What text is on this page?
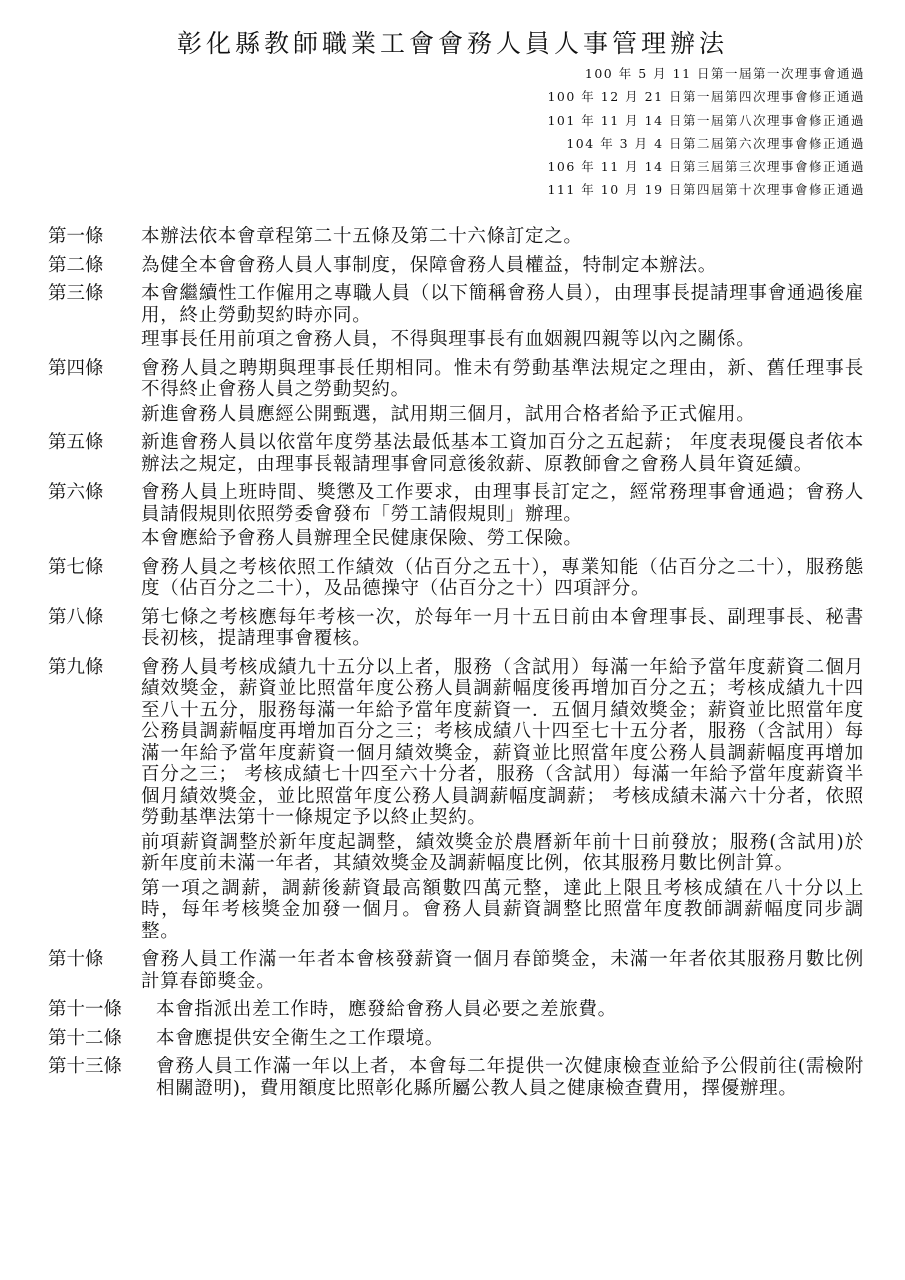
彰化縣教師職業工會會務人員人事管理辦法
100 年 5 月 11 日第一屆第一次理事會通過
100 年 12 月 21 日第一屆第四次理事會修正通過
101 年 11 月 14 日第一屆第八次理事會修正通過
104 年 3 月 4 日第二屆第六次理事會修正通過
106 年 11 月 14 日第三屆第三次理事會修正通過
111 年 10 月 19 日第四屆第十次理事會修正通過
第一條	本辦法依本會章程第二十五條及第二十六條訂定之。
第二條	為健全本會會務人員人事制度，保障會務人員權益，特制定本辦法。
第三條	本會繼續性工作僱用之專職人員（以下簡稱會務人員），由理事長提請理事會通過後雇用，終止勞動契約時亦同。
理事長任用前項之會務人員，不得與理事長有血姻親四親等以內之關係。
第四條	會務人員之聘期與理事長任期相同。惟未有勞動基準法規定之理由，新、舊任理事長不得終止會務人員之勞動契約。
新進會務人員應經公開甄選，試用期三個月，試用合格者給予正式僱用。
第五條	新進會務人員以依當年度勞基法最低基本工資加百分之五起薪； 年度表現優良者依本辦法之規定，由理事長報請理事會同意後敘薪、原教師會之會務人員年資延續。
第六條	會務人員上班時間、獎懲及工作要求，由理事長訂定之，經常務理事會通過；會務人員請假規則依照勞委會發布「勞工請假規則」辦理。
本會應給予會務人員辦理全民健康保險、勞工保險。
第七條	會務人員之考核依照工作績效（佔百分之五十），專業知能（佔百分之二十），服務態度（佔百分之二十），及品德操守（佔百分之十）四項評分。
第八條	第七條之考核應每年考核一次，於每年一月十五日前由本會理事長、副理事長、秘書長初核，提請理事會覆核。
第九條	會務人員考核成績九十五分以上者，服務（含試用）每滿一年給予當年度薪資二個月績效獎金，薪資並比照當年度公務人員調薪幅度後再增加百分之五；考核成績九十四至八十五分，服務每滿一年給予當年度薪資一．五個月績效獎金；薪資並比照當年度公務員調薪幅度再增加百分之三；考核成績八十四至七十五分者，服務（含試用）每滿一年給予當年度薪資一個月績效獎金，薪資並比照當年度公務人員調薪幅度再增加百分之三； 考核成績七十四至六十分者，服務（含試用）每滿一年給予當年度薪資半個月績效獎金，並比照當年度公務人員調薪幅度調薪； 考核成績未滿六十分者，依照勞動基準法第十一條規定予以終止契約。
前項薪資調整於新年度起調整，績效獎金於農曆新年前十日前發放；服務(含試用)於新年度前未滿一年者，其績效獎金及調薪幅度比例，依其服務月數比例計算。
第一項之調薪，調薪後薪資最高額數四萬元整，達此上限且考核成績在八十分以上時，每年考核獎金加發一個月。會務人員薪資調整比照當年度教師調薪幅度同步調整。
第十條	會務人員工作滿一年者本會核發薪資一個月春節獎金，未滿一年者依其服務月數比例計算春節獎金。
第十一條	本會指派出差工作時，應發給會務人員必要之差旅費。
第十二條	本會應提供安全衛生之工作環境。
第十三條	會務人員工作滿一年以上者，本會每二年提供一次健康檢查並給予公假前往(需檢附相關證明)，費用額度比照彰化縣所屬公教人員之健康檢查費用，擇優辦理。
